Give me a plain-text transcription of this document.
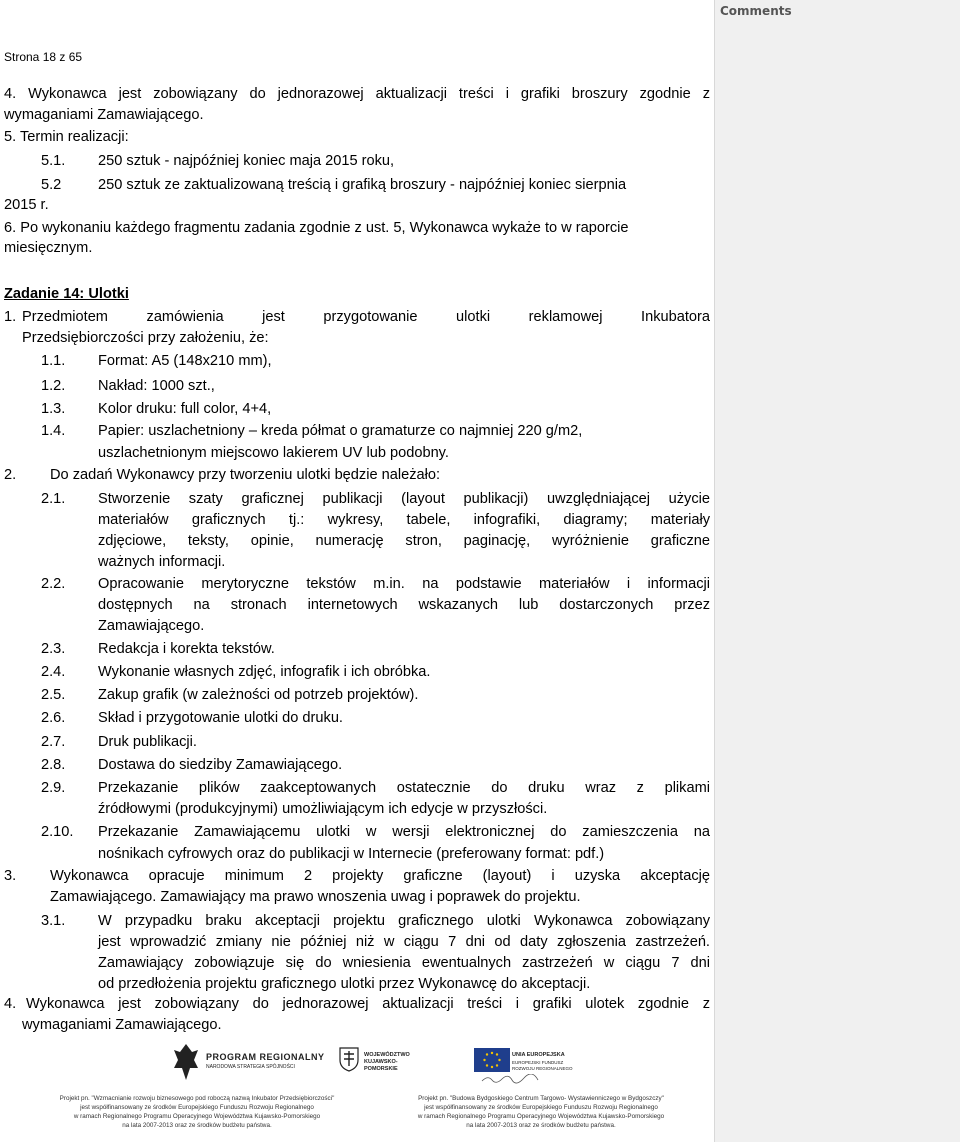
Strona 18 z 65
4. Wykonawca jest zobowiązany do jednorazowej aktualizacji treści i grafiki broszury zgodnie z
wymaganiami Zamawiającego.
5. Termin realizacji:
5.1. 250 sztuk - najpóźniej koniec maja 2015 roku,
5.2	250 sztuk ze zaktualizowaną treścią i grafiką broszury - najpóźniej koniec sierpnia
2015 r.
6. Po wykonaniu każdego fragmentu zadania zgodnie z ust. 5, Wykonawca wykaże to w raporcie
miesięcznym.
Zadanie 14: Ulotki
1. Przedmiotem zamówienia jest przygotowanie ulotki reklamowej Inkubatora
Przedsiębiorczości przy założeniu, że:
1.1. Format: A5 (148x210 mm),
1.2. Nakład: 1000 szt.,
1.3. Kolor druku: full color, 4+4,
1.4. Papier: uszlachetniony – kreda półmat o gramaturze co najmniej 220 g/m2,
uszlachetnionym miejscowo lakierem UV lub podobny.
2. Do zadań Wykonawcy przy tworzeniu ulotki będzie należało:
2.1. Stworzenie szaty graficznej publikacji (layout publikacji) uwzględniającej użycie
materiałów graficznych tj.: wykresy, tabele, infografiki, diagramy; materiały
zdjęciowe, teksty, opinie, numerację stron, paginację, wyróżnienie graficzne
ważnych informacji.
2.2. Opracowanie merytoryczne tekstów m.in. na podstawie materiałów i informacji
dostępnych na stronach internetowych wskazanych lub dostarczonych przez
Zamawiającego.
2.3. Redakcja i korekta tekstów.
2.4. Wykonanie własnych zdjęć, infografik i ich obróbka.
2.5. Zakup grafik (w zależności od potrzeb projektów).
2.6. Skład i przygotowanie ulotki do druku.
2.7. Druk publikacji.
2.8. Dostawa do siedziby Zamawiającego.
2.9. Przekazanie plików zaakceptowanych ostatecznie do druku wraz z plikami
źródłowymi (produkcyjnymi) umożliwiającym ich edycje w przyszłości.
2.10. Przekazanie Zamawiającemu ulotki w wersji elektronicznej do zamieszczenia na
nośnikach cyfrowych oraz do publikacji w Internecie (preferowany format: pdf.)
3. Wykonawca opracuje minimum 2 projekty graficzne (layout) i uzyska akceptację
Zamawiającego. Zamawiający ma prawo wnoszenia uwag i poprawek do projektu.
3.1. W przypadku braku akceptacji projektu graficznego ulotki Wykonawca zobowiązany
jest wprowadzić zmiany nie później niż w ciągu 7 dni od daty zgłoszenia zastrzeżeń.
Zamawiający zobowiązuje się do wniesienia ewentualnych zastrzeżeń w ciągu 7 dni
od przedłożenia projektu graficznego ulotki przez Wykonawcę do akceptacji.
4. Wykonawca jest zobowiązany do jednorazowej aktualizacji treści i grafiki ulotek zgodnie z
wymaganiami Zamawiającego.
PROGRAM REGIONALNY
NARODOWA STRATEGIA SPÓJNOŚCI
WOJEWÓDZTWO KUJAWSKO-POMORSKIE
UNIA EUROPEJSKA
EUROPEJSKI FUNDUSZ ROZWOJU REGIONALNEGO
Projekt pn. "Wzmacnianie rozwoju biznesowego pod roboczą nazwą Inkubator Przedsiębiorczości"
jest współfinansowany ze środków Europejskiego Funduszu Rozwoju Regionalnego
w ramach Regionalnego Programu Operacyjnego Województwa Kujawsko-Pomorskiego
na lata 2007-2013 oraz ze środków budżetu państwa.
Projekt pn. "Budowa Bydgoskiego Centrum Targowo- Wystawienniczego w Bydgoszczy"
jest współfinansowany ze środków Europejskiego Funduszu Rozwoju Regionalnego
w ramach Regionalnego Programu Operacyjnego Województwa Kujawsko-Pomorskiego
na lata 2007-2013 oraz ze środków budżetu państwa.
Comments
